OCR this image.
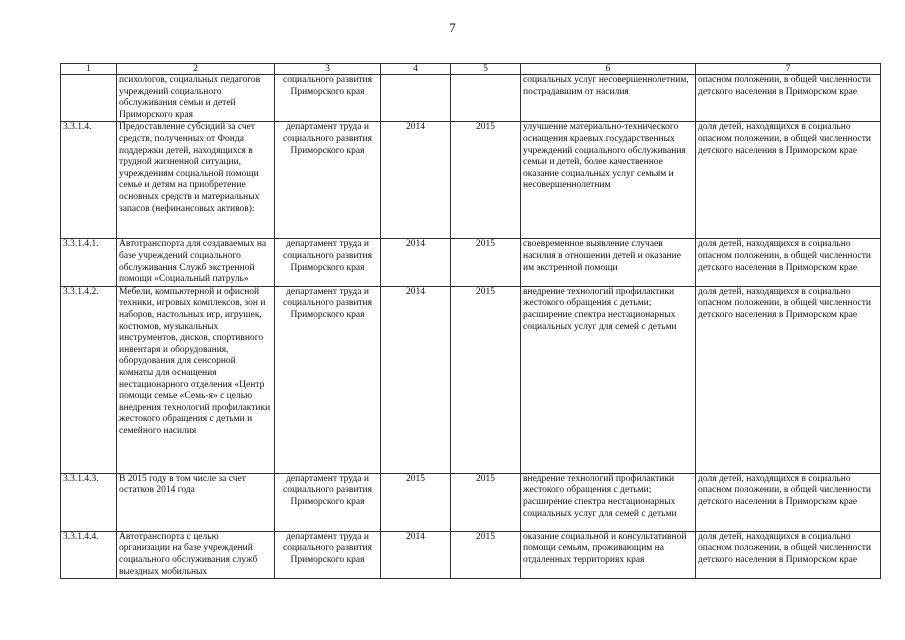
7
1	2	3	4	5	6	7
	психологов, социальных педагогов учреждений социального обслуживания семьи и детей Приморского края	социального развития Приморского края			социальных услуг несовершеннолетним, пострадавшим от насилия	опасном положении, в общей численности детского населения в Приморском крае
3.3.1.4.	Предоставление субсидий за счет средств, полученных от Фонда поддержки детей, находящихся в трудной жизненной ситуации, учреждениям социальной помощи семье и детям на приобретение основных средств и материальных запасов (нефинансовых активов):	департамент труда и социального развития Приморского края	2014	2015	улучшение материально-технического оснащения краевых государственных учреждений социального обслуживания семьи и детей, более качественное оказание социальных услуг семьям и несовершеннолетним	доля детей, находящихся в социально опасном положении, в общей численности детского населения в Приморском крае
3.3.1.4.1.	Автотранспорта для создаваемых на базе учреждений социального обслуживания Служб экстренной помощи «Социальный патруль»	департамент труда и социального развития Приморского края	2014	2015	своевременное выявление случаев насилия в отношении детей и оказание им экстренной помощи	доля детей, находящихся в социально опасном положении, в общей численности детского населения в Приморском крае
3.3.1.4.2.	Мебели, компьютерной и офисной техники, игровых комплексов, зон и наборов, настольных игр, игрушек, костюмов, музыкальных инструментов, дисков, спортивного инвентаря и оборудования, оборудования для сенсорной комнаты для оснащения нестационарного отделения «Центр помощи семье «Семь-я» с целью внедрения технологий профилактики жестокого обращения с детьми и семейного насилия	департамент труда и социального развития Приморского края	2014	2015	внедрение технологий профилактики жестокого обращения с детьми; расширение спектра нестационарных социальных услуг для семей с детьми	доля детей, находящихся в социально опасном положении, в общей численности детского населения в Приморском крае
3.3.1.4.3.	В 2015 году в том числе за счет остатков 2014 года	департамент труда и социального развития Приморского края	2015	2015	внедрение технологий профилактики жестокого обращения с детьми; расширение спектра нестационарных социальных услуг для семей с детьми	доля детей, находящихся в социально опасном положении, в общей численности детского населения в Приморском крае
3.3.1.4.4.	Автотранспорта с целью организации на базе учреждений социального обслуживания служб выездных мобильных	департамент труда и социального развития Приморского края	2014	2015	оказание социальной и консультативной помощи семьям, проживающим на отдаленных территориях края	доля детей, находящихся в социально опасном положении, в общей численности детского населения в Приморском крае
